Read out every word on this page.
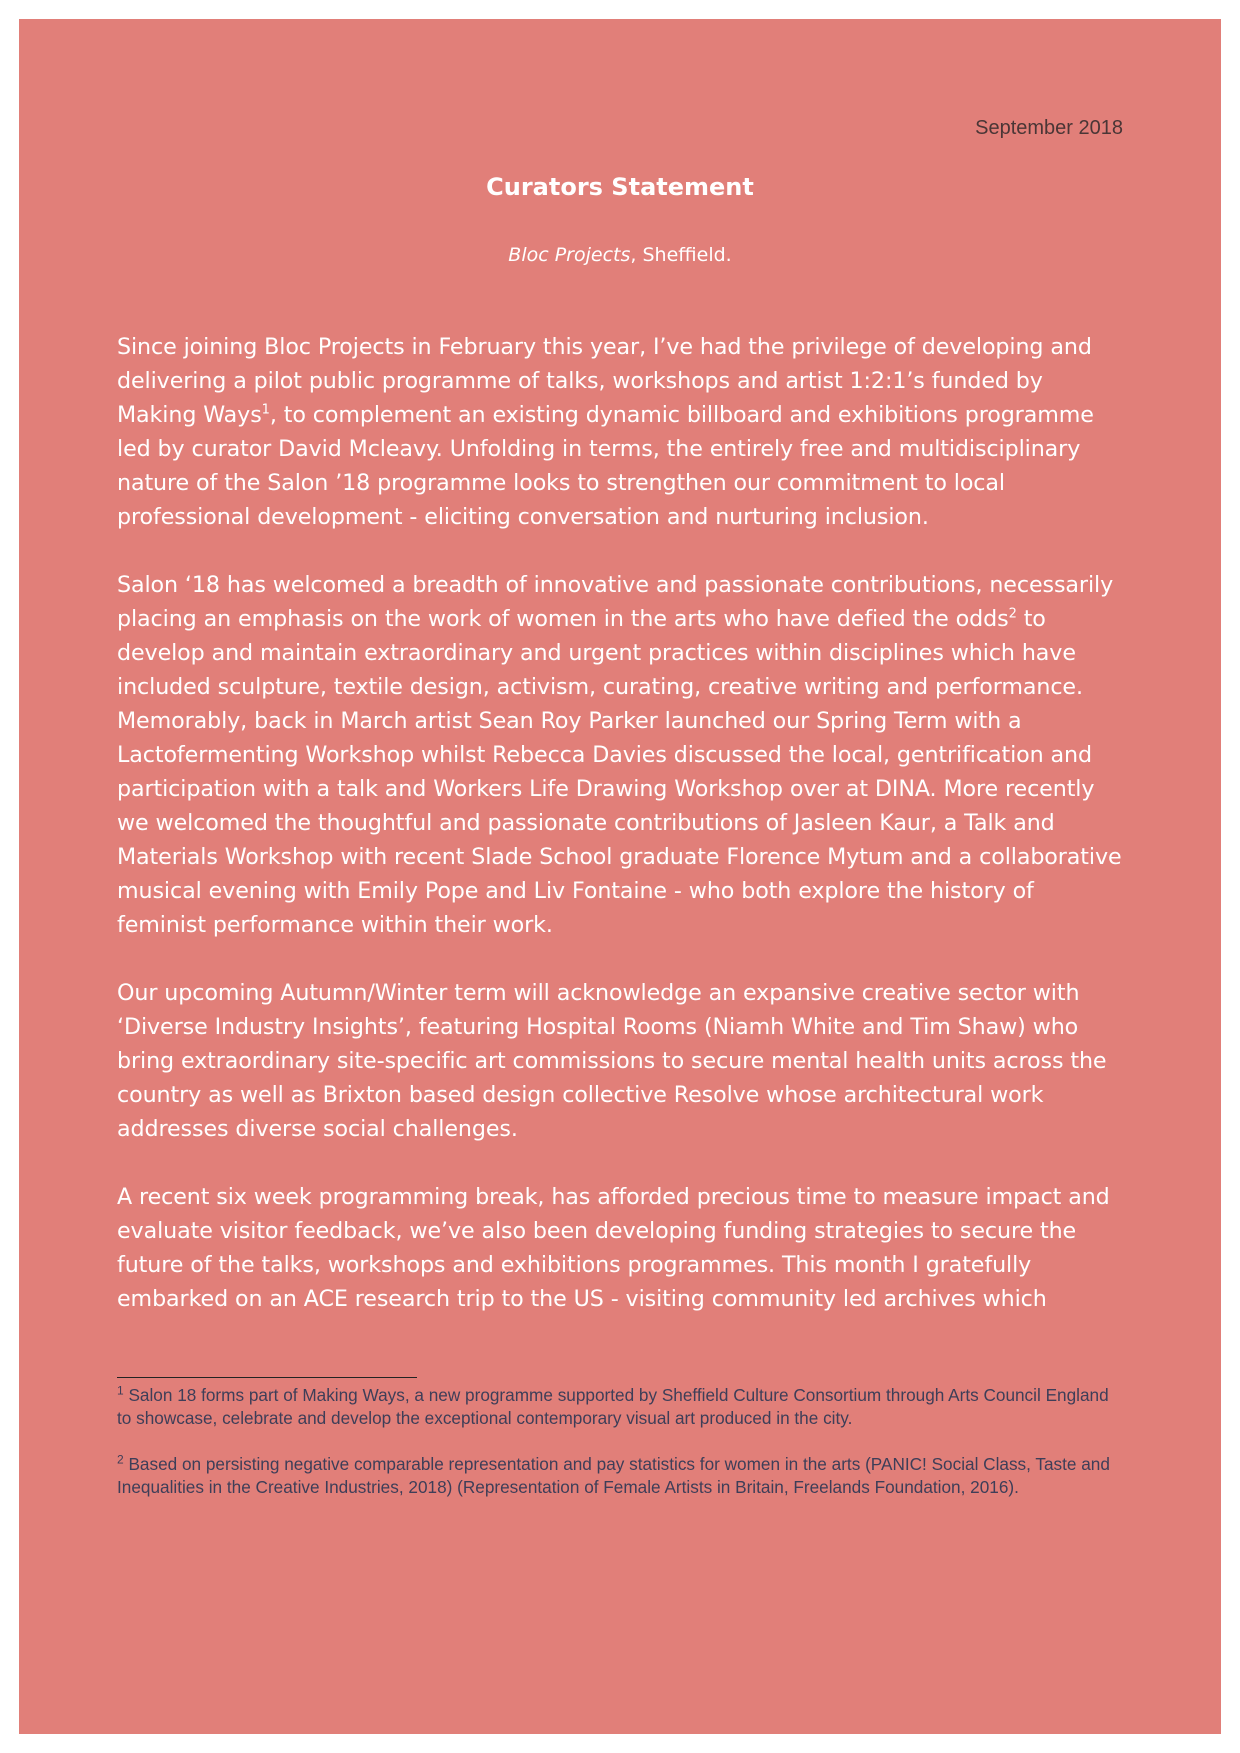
September 2018

Curators Statement

Bloc Projects, Sheffield.

Since joining Bloc Projects in February this year, I’ve had the privilege of developing and delivering a pilot public programme of talks, workshops and artist 1:2:1’s funded by Making Ways$^1$, to complement an existing dynamic billboard and exhibitions programme led by curator David Mcleavy. Unfolding in terms, the entirely free and multidisciplinary nature of the Salon ’18 programme looks to strengthen our commitment to local professional development - eliciting conversation and nurturing inclusion.

Salon ‘18 has welcomed a breadth of innovative and passionate contributions, necessarily placing an emphasis on the work of women in the arts who have defied the odds$^2$ to develop and maintain extraordinary and urgent practices within disciplines which have included sculpture, textile design, activism, curating, creative writing and performance. Memorably, back in March artist Sean Roy Parker launched our Spring Term with a Lactofermenting Workshop whilst Rebecca Davies discussed the local, gentrification and participation with a talk and Workers Life Drawing Workshop over at DINA. More recently we welcomed the thoughtful and passionate contributions of Jasleen Kaur, a Talk and Materials Workshop with recent Slade School graduate Florence Mytum and a collaborative musical evening with Emily Pope and Liv Fontaine - who both explore the history of feminist performance within their work.

Our upcoming Autumn/Winter term will acknowledge an expansive creative sector with ‘Diverse Industry Insights’, featuring Hospital Rooms (Niamh White and Tim Shaw) who bring extraordinary site-specific art commissions to secure mental health units across the country as well as Brixton based design collective Resolve whose architectural work addresses diverse social challenges.

A recent six week programming break, has afforded precious time to measure impact and evaluate visitor feedback, we’ve also been developing funding strategies to secure the future of the talks, workshops and exhibitions programmes. This month I gratefully embarked on an ACE research trip to the US - visiting community led archives which

$^1$ Salon 18 forms part of Making Ways, a new programme supported by Sheffield Culture Consortium through Arts Council England to showcase, celebrate and develop the exceptional contemporary visual art produced in the city.

$^2$ Based on persisting negative comparable representation and pay statistics for women in the arts (PANIC! Social Class, Taste and Inequalities in the Creative Industries, 2018) (Representation of Female Artists in Britain, Freelands Foundation, 2016).
